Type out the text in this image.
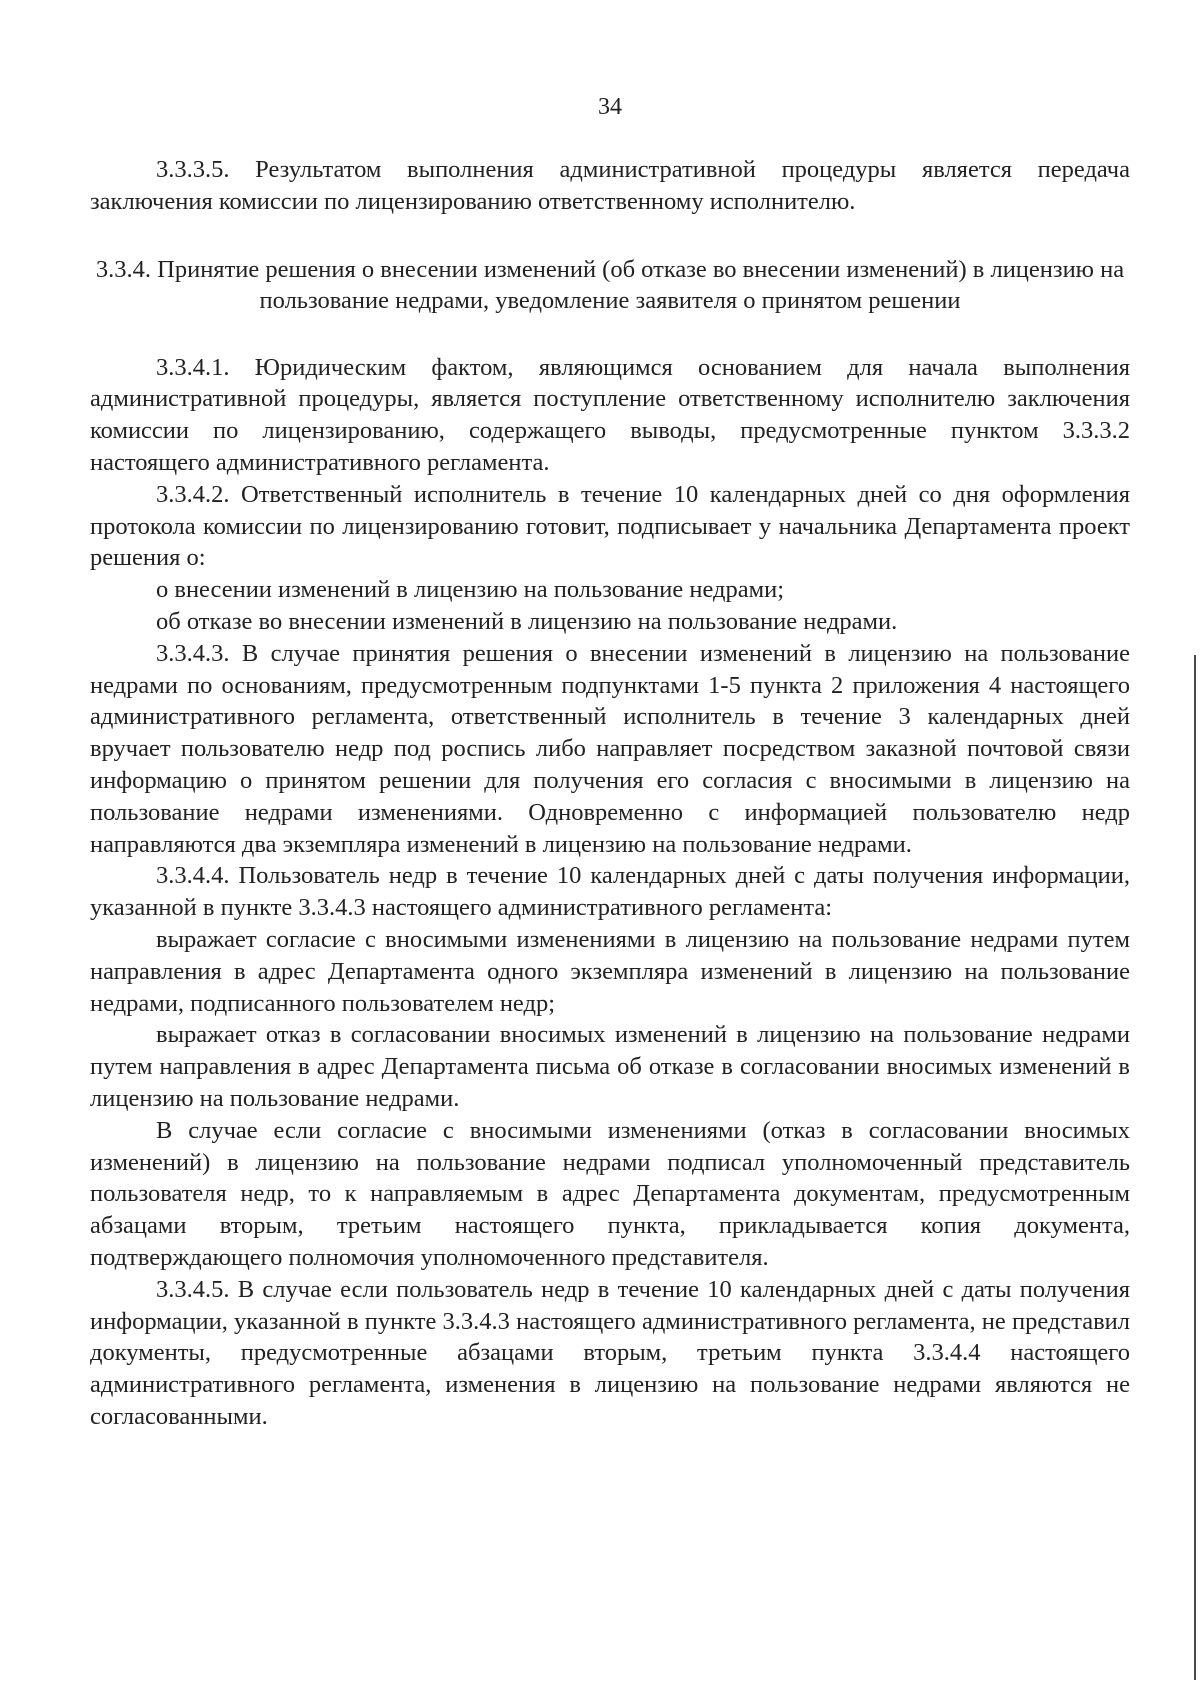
34

3.3.3.5. Результатом выполнения административной процедуры является передача заключения комиссии по лицензированию ответственному исполнителю.

3.3.4. Принятие решения о внесении изменений (об отказе во внесении изменений) в лицензию на пользование недрами, уведомление заявителя о принятом решении

3.3.4.1. Юридическим фактом, являющимся основанием для начала выполнения административной процедуры, является поступление ответственному исполнителю заключения комиссии по лицензированию, содержащего выводы, предусмотренные пунктом 3.3.3.2 настоящего административного регламента.

3.3.4.2. Ответственный исполнитель в течение 10 календарных дней со дня оформления протокола комиссии по лицензированию готовит, подписывает у начальника Департамента проект решения о:

о внесении изменений в лицензию на пользование недрами;

об отказе во внесении изменений в лицензию на пользование недрами.

3.3.4.3. В случае принятия решения о внесении изменений в лицензию на пользование недрами по основаниям, предусмотренным подпунктами 1-5 пункта 2 приложения 4 настоящего административного регламента, ответственный исполнитель в течение 3 календарных дней вручает пользователю недр под роспись либо направляет посредством заказной почтовой связи информацию о принятом решении для получения его согласия с вносимыми в лицензию на пользование недрами изменениями. Одновременно с информацией пользователю недр направляются два экземпляра изменений в лицензию на пользование недрами.

3.3.4.4. Пользователь недр в течение 10 календарных дней с даты получения информации, указанной в пункте 3.3.4.3 настоящего административного регламента:

выражает согласие с вносимыми изменениями в лицензию на пользование недрами путем направления в адрес Департамента одного экземпляра изменений в лицензию на пользование недрами, подписанного пользователем недр;

выражает отказ в согласовании вносимых изменений в лицензию на пользование недрами путем направления в адрес Департамента письма об отказе в согласовании вносимых изменений в лицензию на пользование недрами.

В случае если согласие с вносимыми изменениями (отказ в согласовании вносимых изменений) в лицензию на пользование недрами подписал уполномоченный представитель пользователя недр, то к направляемым в адрес Департамента документам, предусмотренным абзацами вторым, третьим настоящего пункта, прикладывается копия документа, подтверждающего полномочия уполномоченного представителя.

3.3.4.5. В случае если пользователь недр в течение 10 календарных дней с даты получения информации, указанной в пункте 3.3.4.3 настоящего административного регламента, не представил документы, предусмотренные абзацами вторым, третьим пункта 3.3.4.4 настоящего административного регламента, изменения в лицензию на пользование недрами являются не согласованными.
